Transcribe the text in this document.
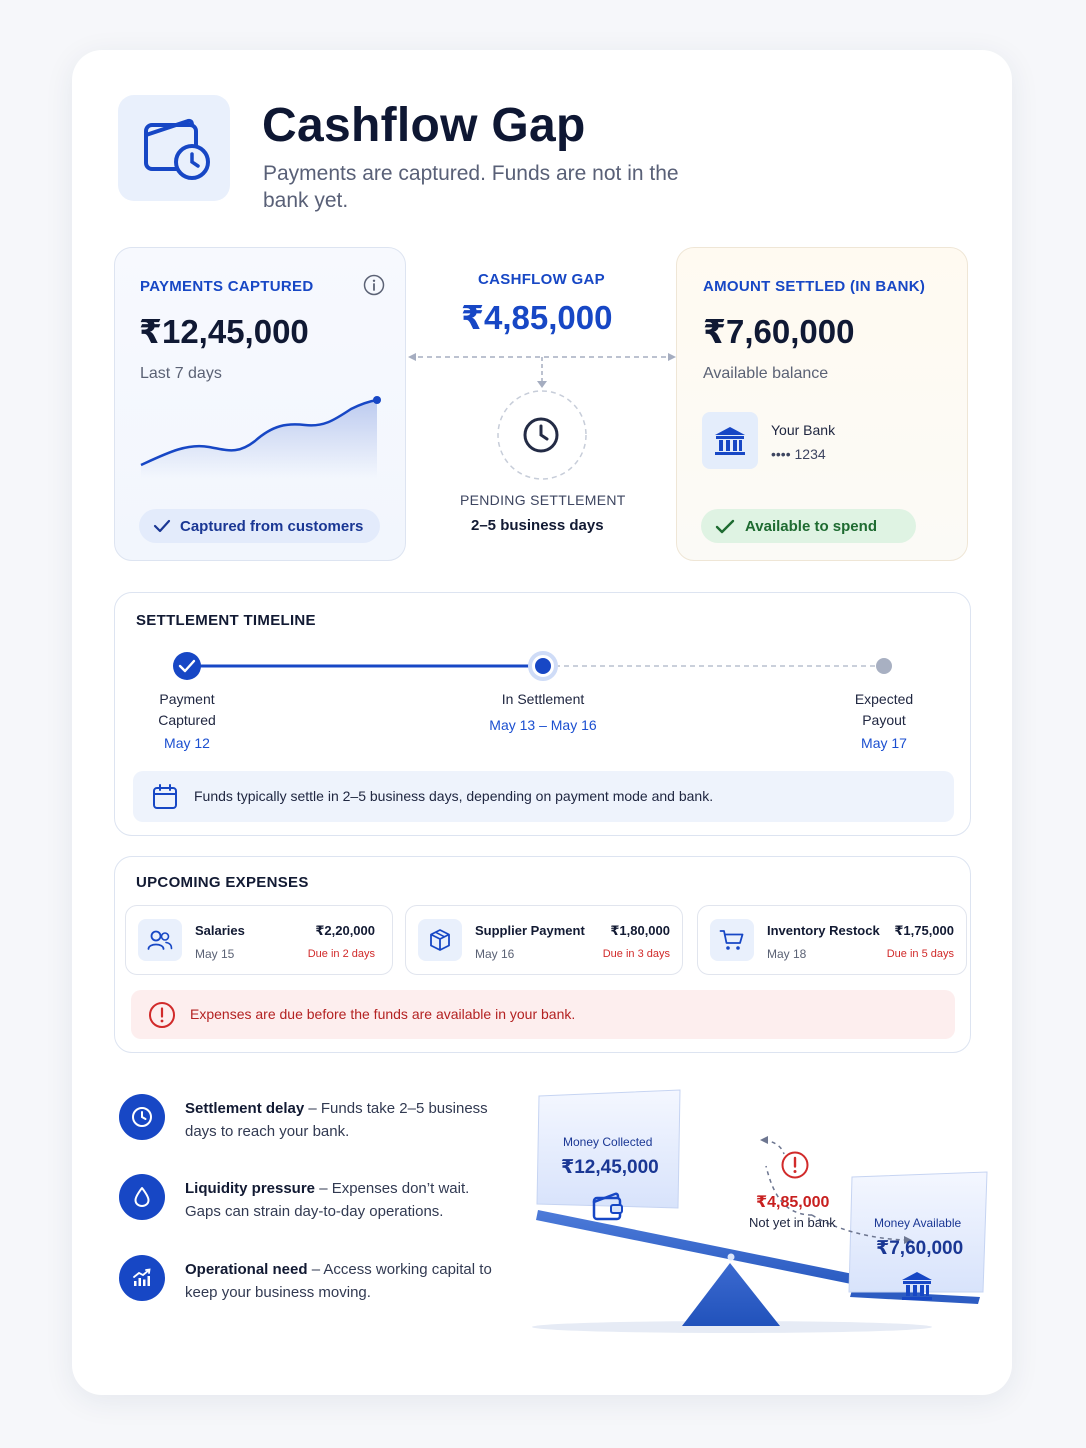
Cashflow Gap
Payments are captured. Funds are not in the bank yet.
PAYMENTS CAPTURED
₹12,45,000
Last 7 days
Captured from customers
CASHFLOW GAP
₹4,85,000
PENDING SETTLEMENT
2–5 business days
AMOUNT SETTLED (IN BANK)
₹7,60,000
Available balance
Your Bank
•••• 1234
Available to spend
SETTLEMENT TIMELINE
Payment
Captured
May 12
In Settlement
May 13 – May 16
Expected
Payout
May 17
Funds typically settle in 2–5 business days, depending on payment mode and bank.
UPCOMING EXPENSES
Salaries
May 15
₹2,20,000
Due in 2 days
Supplier Payment
May 16
₹1,80,000
Due in 3 days
Inventory Restock
May 18
₹1,75,000
Due in 5 days
Expenses are due before the funds are available in your bank.
Settlement delay – Funds take 2–5 business days to reach your bank.
Liquidity pressure – Expenses don’t wait. Gaps can strain day-to-day operations.
Operational need – Access working capital to keep your business moving.
Money Collected
₹12,45,000
Money Available
₹7,60,000
₹4,85,000
Not yet in bank
